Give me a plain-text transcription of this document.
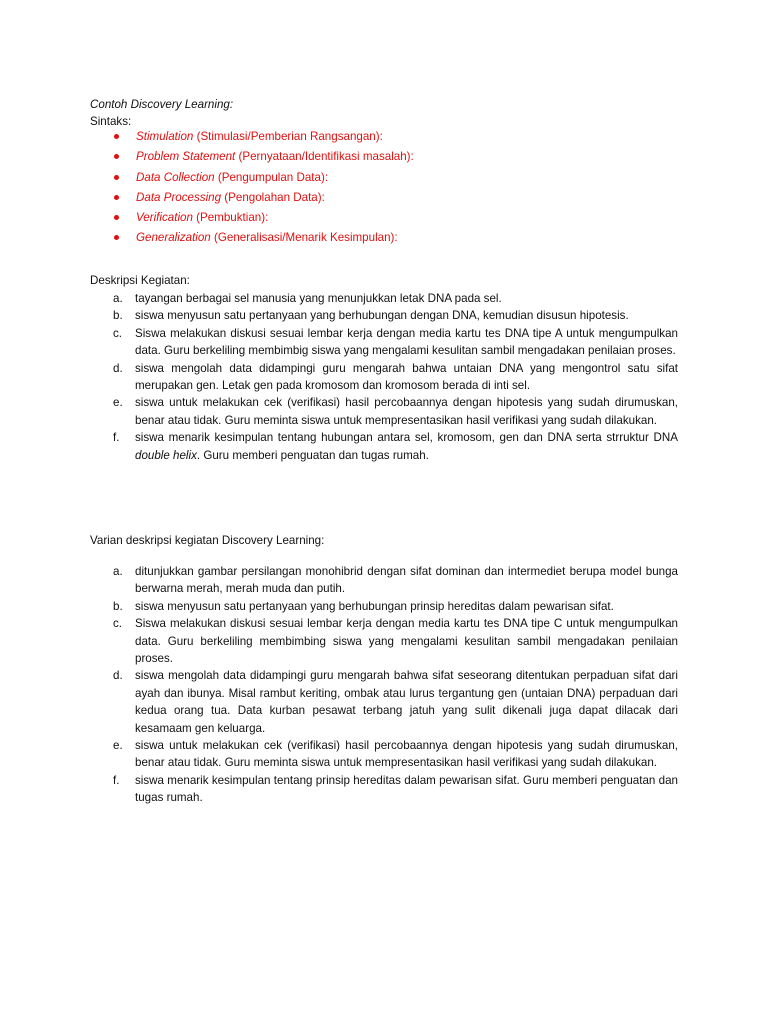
Contoh Discovery Learning:
Sintaks:
Stimulation (Stimulasi/Pemberian Rangsangan):
Problem Statement (Pernyataan/Identifikasi masalah):
Data Collection (Pengumpulan Data):
Data Processing (Pengolahan Data):
Verification (Pembuktian):
Generalization (Generalisasi/Menarik Kesimpulan):
Deskripsi Kegiatan:
a. tayangan berbagai sel manusia yang menunjukkan letak DNA pada sel.
b. siswa menyusun satu pertanyaan yang berhubungan dengan DNA, kemudian disusun hipotesis.
c. Siswa melakukan diskusi sesuai lembar kerja dengan media kartu tes DNA tipe A untuk mengumpulkan data. Guru berkeliling membimbig siswa yang mengalami kesulitan sambil mengadakan penilaian proses.
d. siswa mengolah data didampingi guru mengarah bahwa untaian DNA yang mengontrol satu sifat merupakan gen. Letak gen pada kromosom dan kromosom berada di inti sel.
e. siswa untuk melakukan cek (verifikasi) hasil percobaannya dengan hipotesis yang sudah dirumuskan, benar atau tidak. Guru meminta siswa untuk mempresentasikan hasil verifikasi yang sudah dilakukan.
f. siswa menarik kesimpulan tentang hubungan antara sel, kromosom, gen dan DNA serta strruktur DNA double helix. Guru memberi penguatan dan tugas rumah.
Varian deskripsi kegiatan Discovery Learning:
a. ditunjukkan gambar persilangan monohibrid dengan sifat dominan dan intermediet berupa model bunga berwarna merah, merah muda dan putih.
b. siswa menyusun satu pertanyaan yang berhubungan prinsip hereditas dalam pewarisan sifat.
c. Siswa melakukan diskusi sesuai lembar kerja dengan media kartu tes DNA tipe C untuk mengumpulkan data. Guru berkeliling membimbing siswa yang mengalami kesulitan sambil mengadakan penilaian proses.
d. siswa mengolah data didampingi guru mengarah bahwa sifat seseorang ditentukan perpaduan sifat dari ayah dan ibunya. Misal rambut keriting, ombak atau lurus tergantung gen (untaian DNA) perpaduan dari kedua orang tua. Data kurban pesawat terbang jatuh yang sulit dikenali juga dapat dilacak dari kesamaam gen keluarga.
e. siswa untuk melakukan cek (verifikasi) hasil percobaannya dengan hipotesis yang sudah dirumuskan, benar atau tidak. Guru meminta siswa untuk mempresentasikan hasil verifikasi yang sudah dilakukan.
f. siswa menarik kesimpulan tentang prinsip hereditas dalam pewarisan sifat. Guru memberi penguatan dan tugas rumah.
